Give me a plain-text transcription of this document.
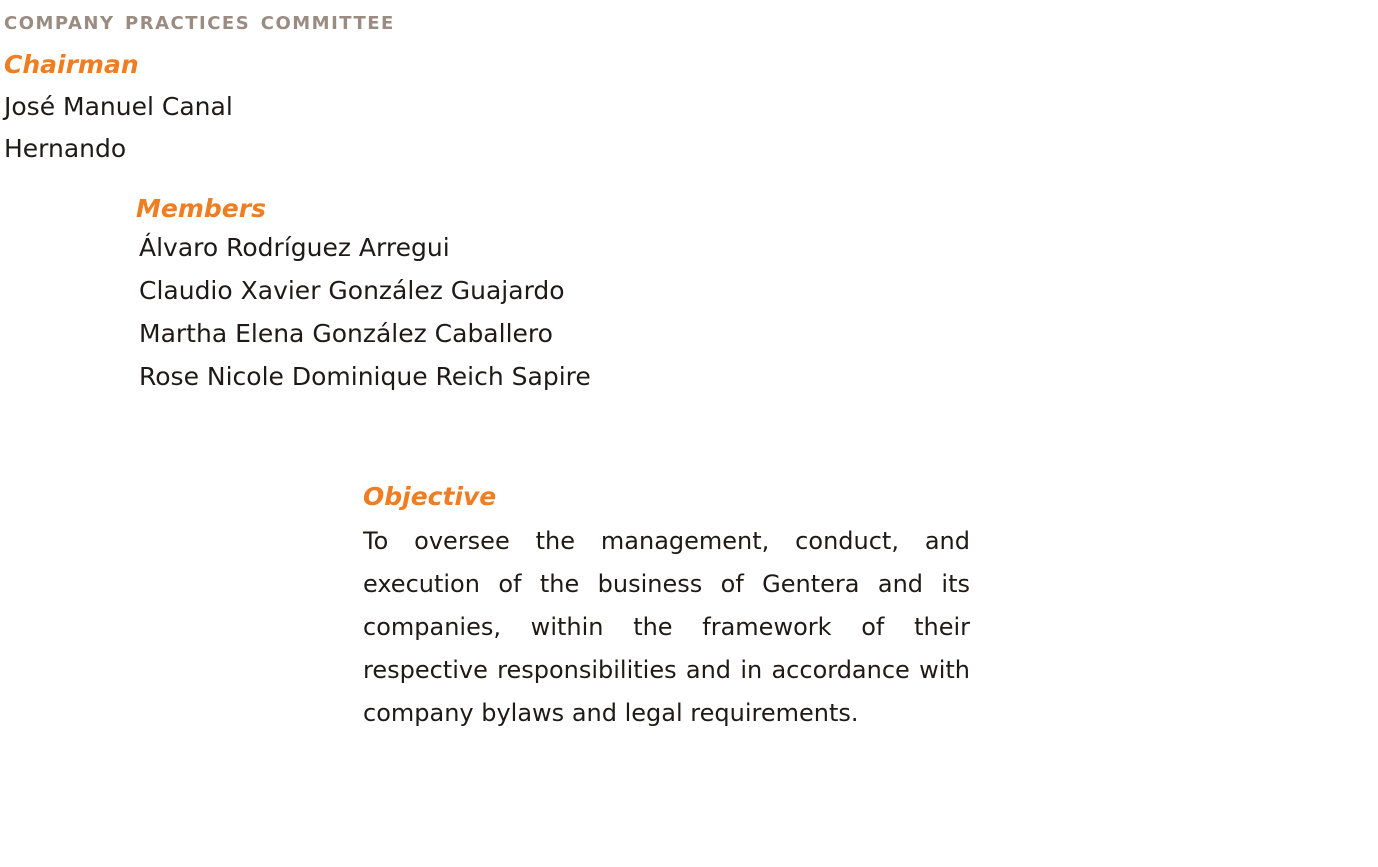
company practices committee

Chairman

José Manuel Canal

Hernando

Members

Álvaro Rodríguez Arregui

Claudio Xavier González Guajardo

Martha Elena González Caballero

Rose Nicole Dominique Reich Sapire

Objective

To oversee the management, conduct, and execution of the business of Gentera and its companies, within the framework of their respective responsibilities and in accordance with company bylaws and legal requirements.
